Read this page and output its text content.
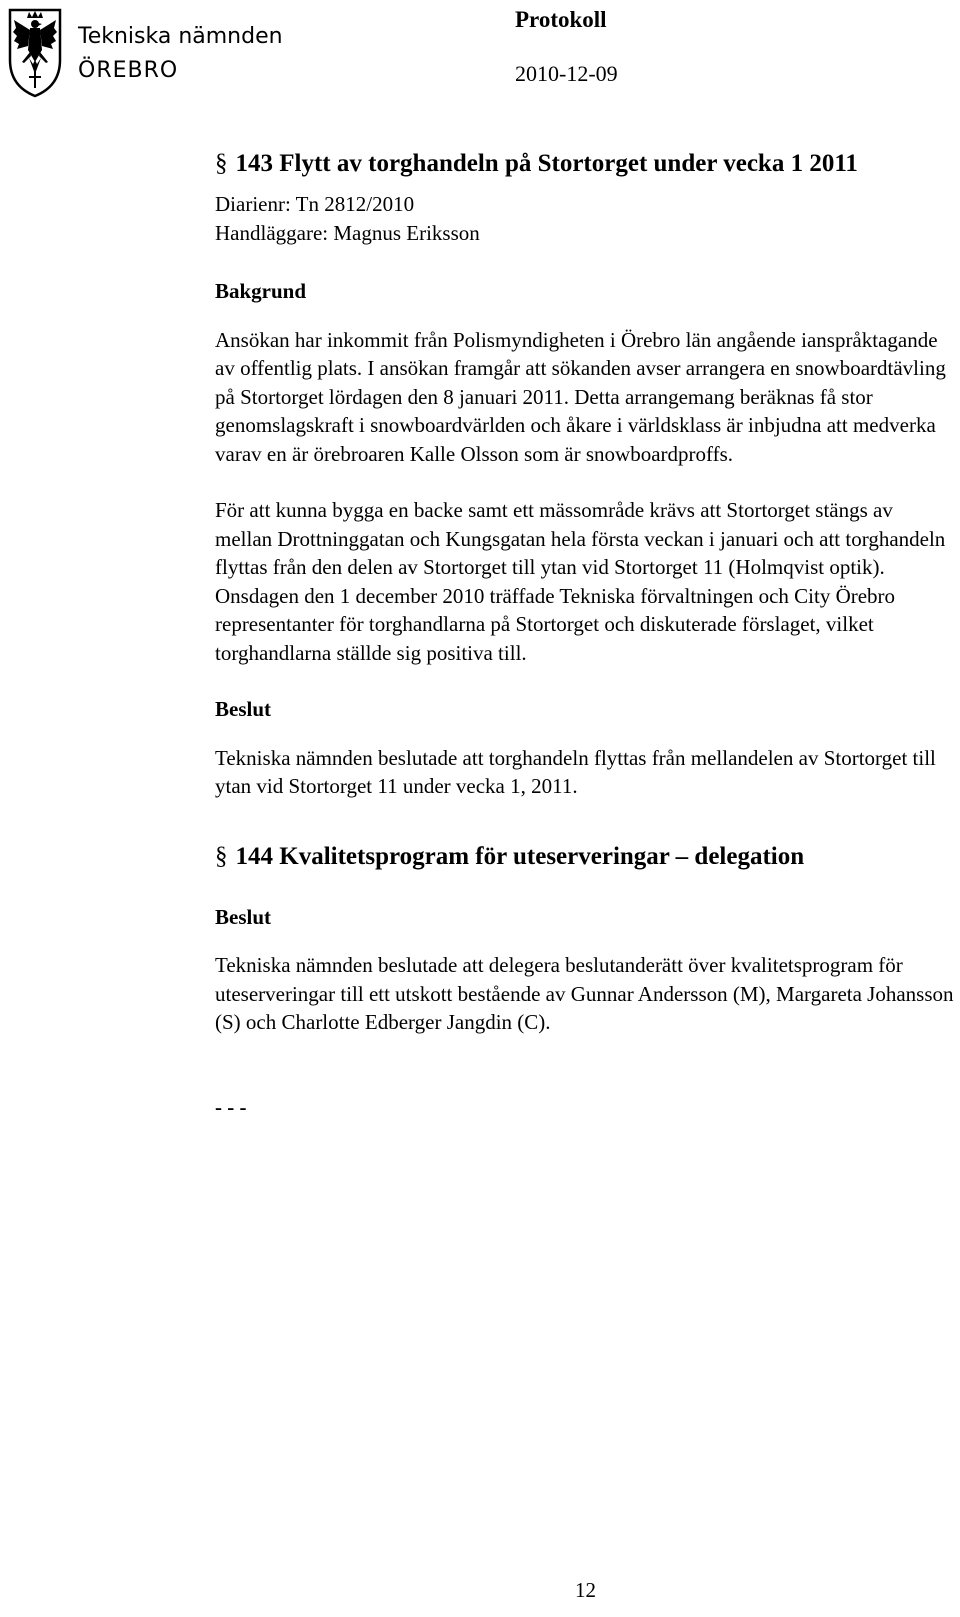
Tekniska nämnden
ÖREBRO
Protokoll
2010-12-09
§ 143 Flytt av torghandeln på Stortorget under vecka 1 2011
Diarienr: Tn 2812/2010
Handläggare: Magnus Eriksson
Bakgrund

Ansökan har inkommit från Polismyndigheten i Örebro län angående ianspråktagande av offentlig plats. I ansökan framgår att sökanden avser arrangera en snowboardtävling på Stortorget lördagen den 8 januari 2011. Detta arrangemang beräknas få stor genomslagskraft i snowboardvärlden och åkare i världsklass är inbjudna att medverka varav en är örebroaren Kalle Olsson som är snowboardproffs.

För att kunna bygga en backe samt ett mässområde krävs att Stortorget stängs av mellan Drottninggatan och Kungsgatan hela första veckan i januari och att torghandeln flyttas från den delen av Stortorget till ytan vid Stortorget 11 (Holmqvist optik). Onsdagen den 1 december 2010 träffade Tekniska förvaltningen och City Örebro representanter för torghandlarna på Stortorget och diskuterade förslaget, vilket torghandlarna ställde sig positiva till.

Beslut

Tekniska nämnden beslutade att torghandeln flyttas från mellandelen av Stortorget till ytan vid Stortorget 11 under vecka 1, 2011.

§ 144 Kvalitetsprogram för uteserveringar – delegation
Beslut

Tekniska nämnden beslutade att delegera beslutanderätt över kvalitetsprogram för uteserveringar till ett utskott bestående av Gunnar Andersson (M), Margareta Johansson (S) och Charlotte Edberger Jangdin (C).

- - -
12
